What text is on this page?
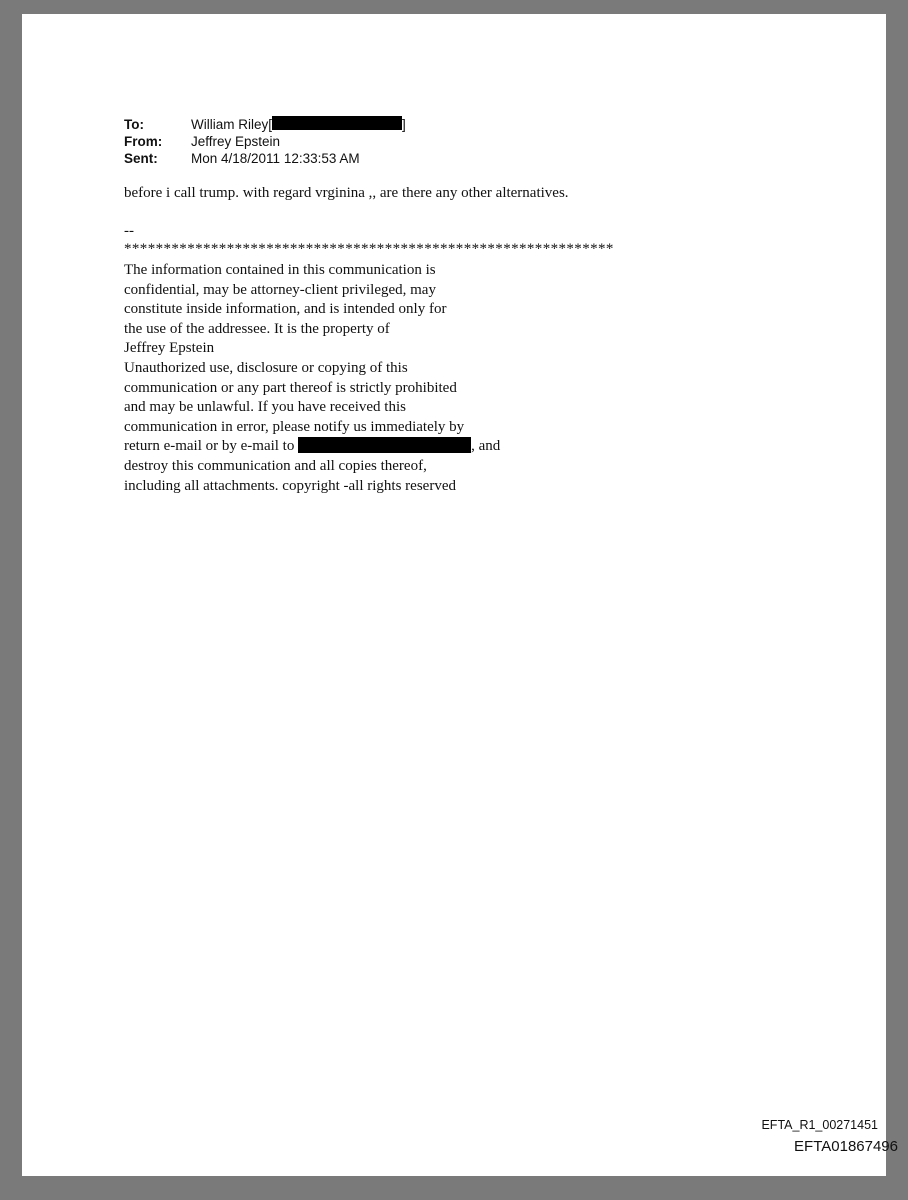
To:	William Riley[	]
From:	Jeffrey Epstein
Sent:	Mon 4/18/2011 12:33:53 AM
before i call trump. with regard vrginina ,, are there any other alternatives.
--
**************************************************************
The information contained in this communication is
confidential, may be attorney-client privileged, may
constitute inside information, and is intended only for
the use of the addressee. It is the property of
Jeffrey Epstein
Unauthorized use, disclosure or copying of this
communication or any part thereof is strictly prohibited
and may be unlawful. If you have received this
communication in error, please notify us immediately by
return e-mail or by e-mail to	, and
destroy this communication and all copies thereof,
including all attachments. copyright -all rights reserved
EFTA_R1_00271451
EFTA01867496
